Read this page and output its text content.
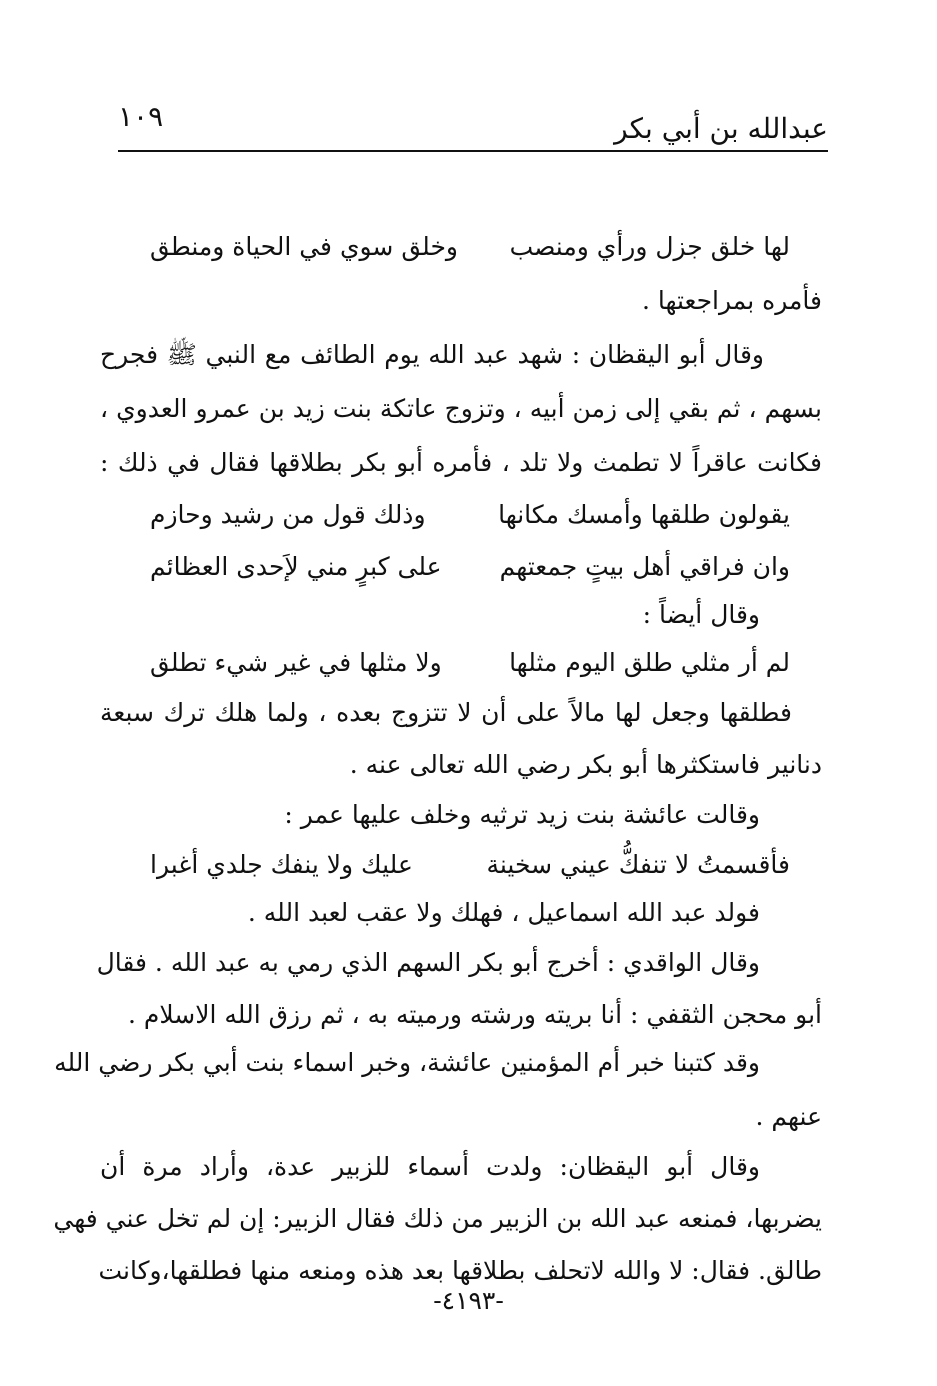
عبدالله بن أبي بكر
١٠٩
لها خلق جزل ورأي ومنصب
وخلق سوي في الحياة ومنطق
فأمره بمراجعتها .
وقال أبو اليقظان : شهد عبد الله يوم الطائف مع النبي ﷺ فجرح
بسهم ، ثم بقي إلى زمن أبيه ، وتزوج عاتكة بنت زيد بن عمرو العدوي ،
فكانت عاقراً لا تطمث ولا تلد ، فأمره أبو بكر بطلاقها فقال في ذلك :
يقولون طلقها وأمسك مكانها
وذلك قول من رشيد وحازم
وان فراقي أهل بيتٍ جمعتهم
على كبرٍ مني لإَحدى العظائم
وقال أيضاً :
لم أر مثلي طلق اليوم مثلها
ولا مثلها في غير شيء تطلق
فطلقها وجعل لها مالاً على أن لا تتزوج بعده ، ولما هلك ترك سبعة
دنانير فاستكثرها أبو بكر رضي الله تعالى عنه .
وقالت عائشة بنت زيد ترثيه وخلف عليها عمر :
فأقسمتُ لا تنفكُّ عيني سخينة
عليك ولا ينفك جلدي أغبرا
فولد عبد الله اسماعيل ، فهلك ولا عقب لعبد الله .
وقال الواقدي : أخرج أبو بكر السهم الذي رمي به عبد الله . فقال
أبو محجن الثقفي : أنا بريته ورشته ورميته به ، ثم رزق الله الاسلام .
وقد كتبنا خبر أم المؤمنين عائشة، وخبر اسماء بنت أبي بكر رضي الله
عنهم .
وقال أبو اليقظان: ولدت أسماء للزبير عدة، وأراد مرة أن
يضربها، فمنعه عبد الله بن الزبير من ذلك فقال الزبير: إن لم تخل عني فهي
طالق. فقال: لا والله لاتحلف بطلاقها بعد هذه ومنعه منها فطلقها،وكانت
-٤١٩٣-
